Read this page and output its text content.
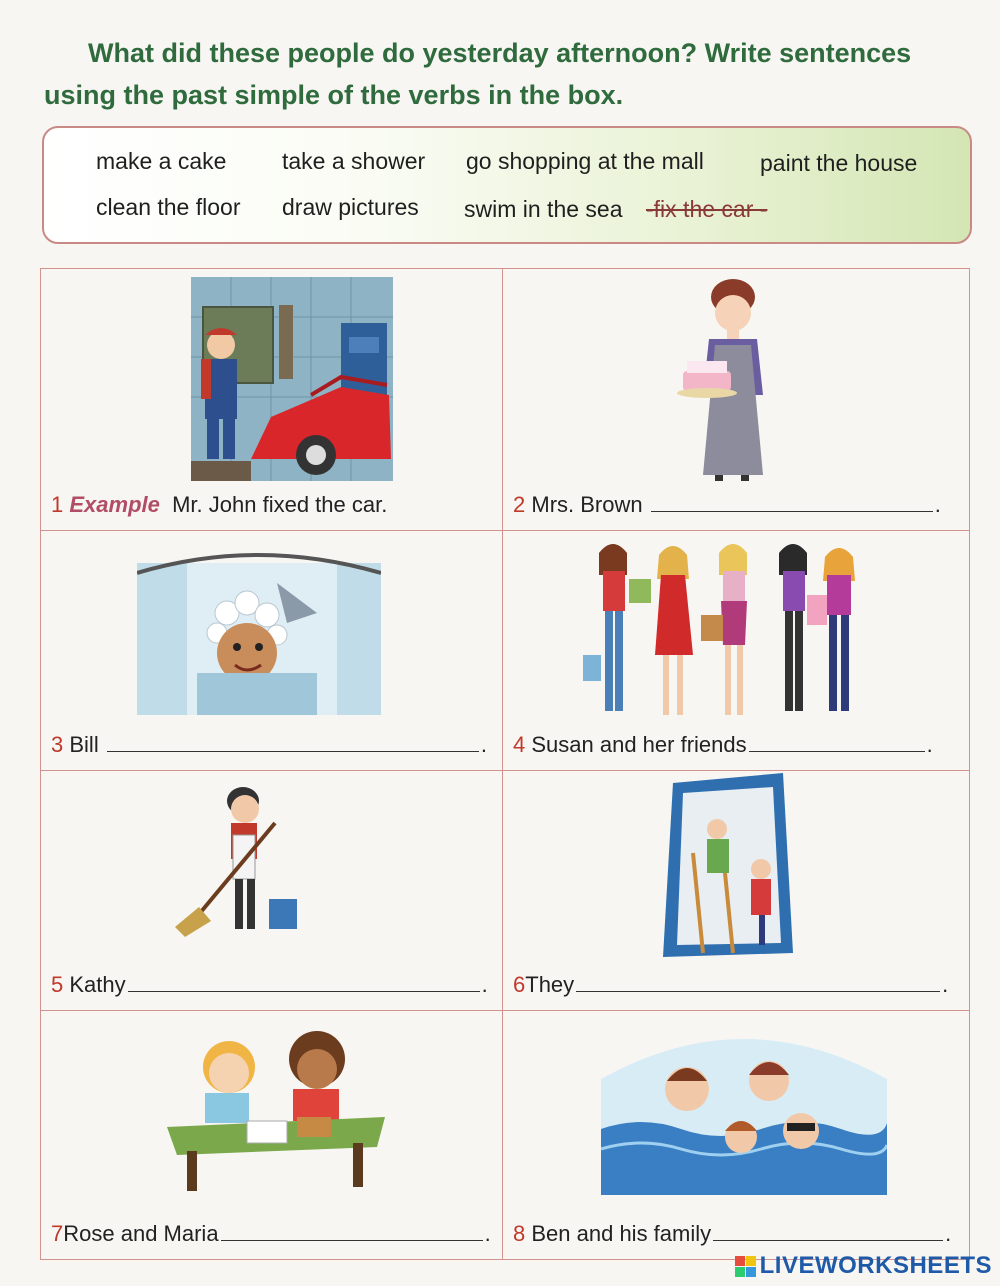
What did these people do yesterday afternoon? Write sentences
using the past simple of the verbs in the box.
make a cake take a shower go shopping at the mall paint the house
clean the floor draw pictures swim in the sea -fix the car -
1 Example Mr. John fixed the car.	2 Mrs. Brown	.
3 Bill	. 4 Susan and her friends	.
5 Kathy	. 6They	.
7Rose and Maria	. 8 Ben and his family	.
LIVEWORKSHEETS
